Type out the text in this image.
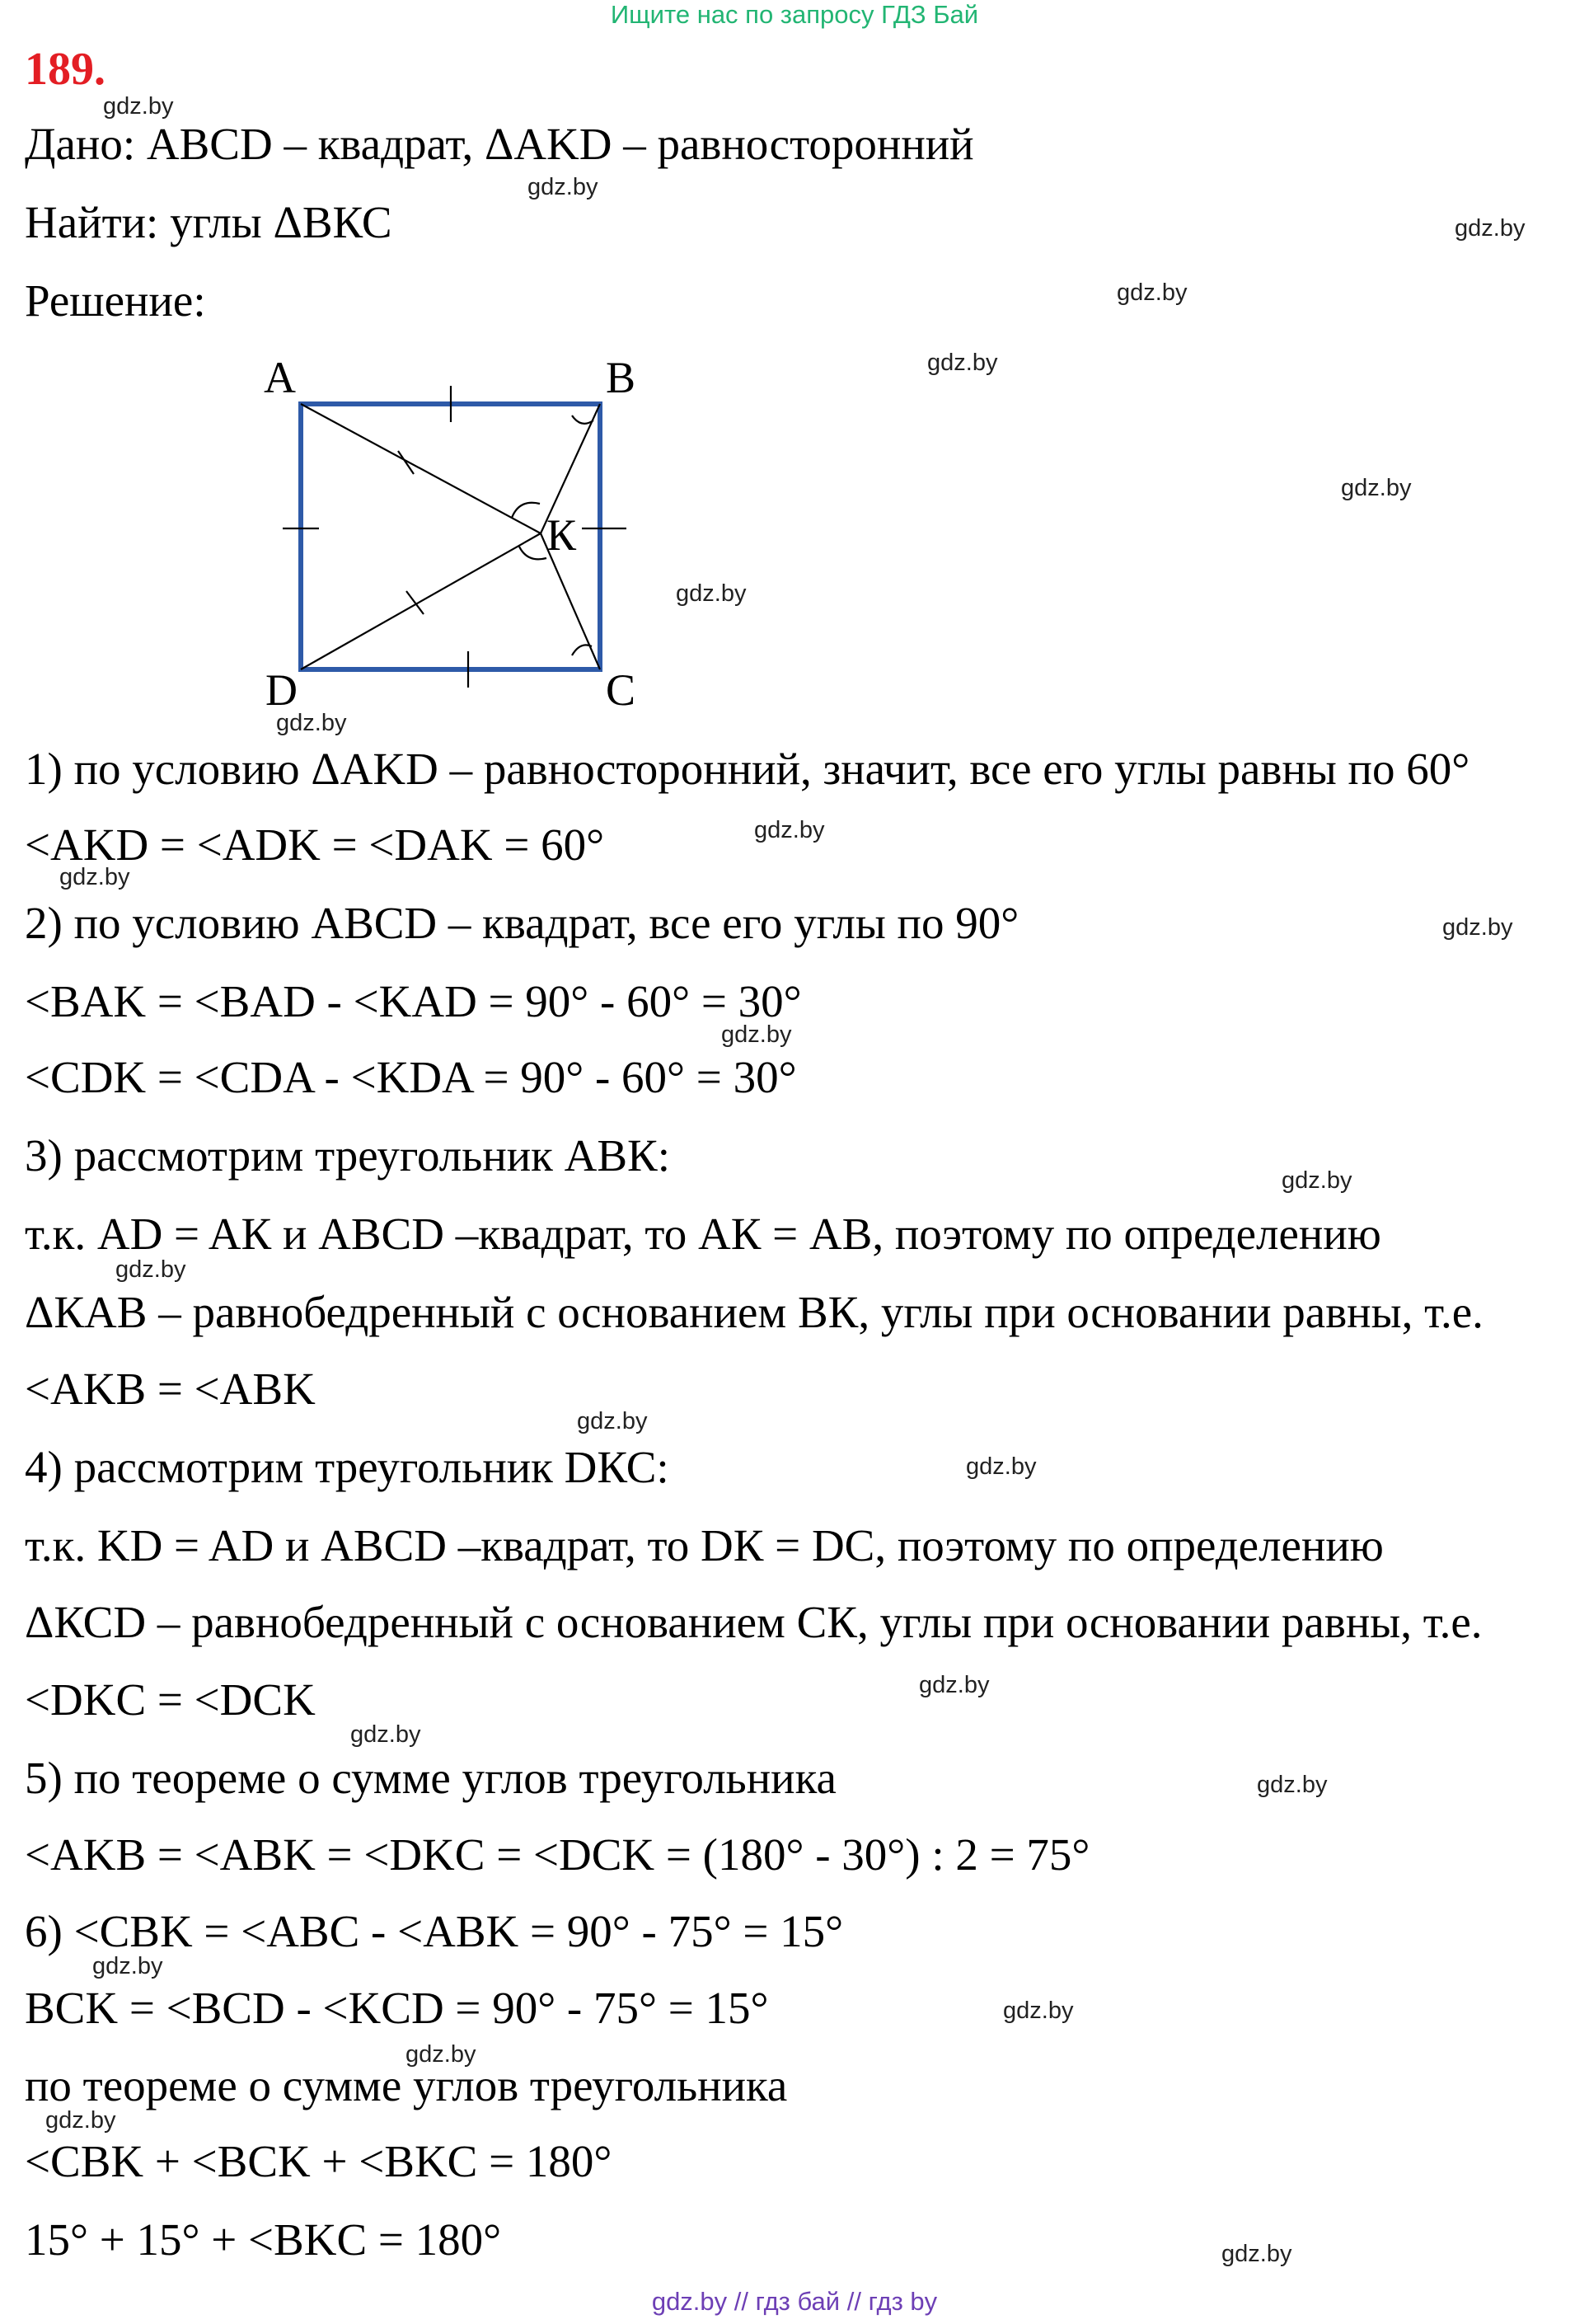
Ищите нас по запросу ГДЗ Бай
189.
Дано: ABCD – квадрат, ΔAKD – равносторонний
Найти: углы ΔВКС
Решение:
A	B
C
D
К
1) по условию ΔAKD – равносторонний, значит, все его углы равны по 60°
<AKD = <ADK = <DAK = 60°
2) по условию ABCD – квадрат, все его углы по 90°
<BAK = <BAD - <KAD = 90° - 60° = 30°
<CDK = <CDA - <KDA = 90° - 60° = 30°
3) рассмотрим треугольник АВК:
т.к. AD = AК и ABCD –квадрат, то AК = AB, поэтому по определению
ΔКАВ – равнобедренный с основанием ВК, углы при основании равны, т.е.
<AKB = <ABK
4) рассмотрим треугольник DКС:
т.к. KD = AD и ABCD –квадрат, то DК = DC, поэтому по определению
ΔКСD – равнобедренный с основанием СК, углы при основании равны, т.е.
<DKC = <DCK
5) по теореме о сумме углов треугольника
<AKB = <ABK = <DKC = <DCK = (180° - 30°) : 2 = 75°
6) <CBK = <ABC - <ABK = 90° - 75° = 15°
BCK = <BCD - <KCD = 90° - 75° = 15°
по теореме о сумме углов треугольника
<CBK + <BCK + <BKC = 180°
15° + 15° + <BKC = 180°
gdz.by
gdz.by
gdz.by
gdz.by
gdz.by
gdz.by
gdz.by
gdz.by
gdz.by
gdz.by
gdz.by
gdz.by
gdz.by
gdz.by
gdz.by
gdz.by
gdz.by
gdz.by
gdz.by
gdz.by
gdz.by
gdz.by
gdz.by
gdz.by
gdz.by // гдз бай // гдз by
